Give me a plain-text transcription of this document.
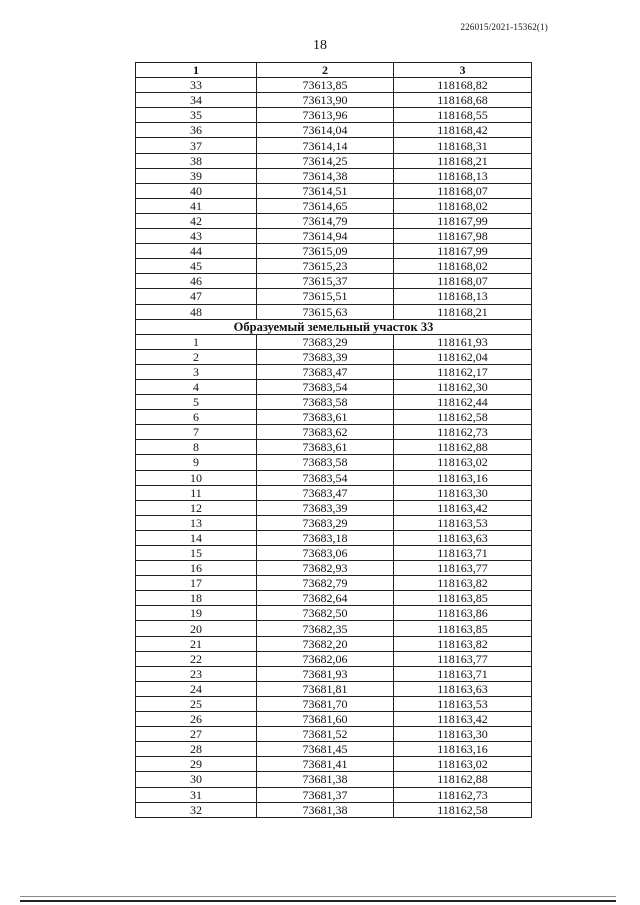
226015/2021-15362(1)
18
1	2	3
33	73613,85	118168,82
34	73613,90	118168,68
35	73613,96	118168,55
36	73614,04	118168,42
37	73614,14	118168,31
38	73614,25	118168,21
39	73614,38	118168,13
40	73614,51	118168,07
41	73614,65	118168,02
42	73614,79	118167,99
43	73614,94	118167,98
44	73615,09	118167,99
45	73615,23	118168,02
46	73615,37	118168,07
47	73615,51	118168,13
48	73615,63	118168,21
Образуемый земельный участок 33		
1	73683,29	118161,93
2	73683,39	118162,04
3	73683,47	118162,17
4	73683,54	118162,30
5	73683,58	118162,44
6	73683,61	118162,58
7	73683,62	118162,73
8	73683,61	118162,88
9	73683,58	118163,02
10	73683,54	118163,16
11	73683,47	118163,30
12	73683,39	118163,42
13	73683,29	118163,53
14	73683,18	118163,63
15	73683,06	118163,71
16	73682,93	118163,77
17	73682,79	118163,82
18	73682,64	118163,85
19	73682,50	118163,86
20	73682,35	118163,85
21	73682,20	118163,82
22	73682,06	118163,77
23	73681,93	118163,71
24	73681,81	118163,63
25	73681,70	118163,53
26	73681,60	118163,42
27	73681,52	118163,30
28	73681,45	118163,16
29	73681,41	118163,02
30	73681,38	118162,88
31	73681,37	118162,73
32	73681,38	118162,58
